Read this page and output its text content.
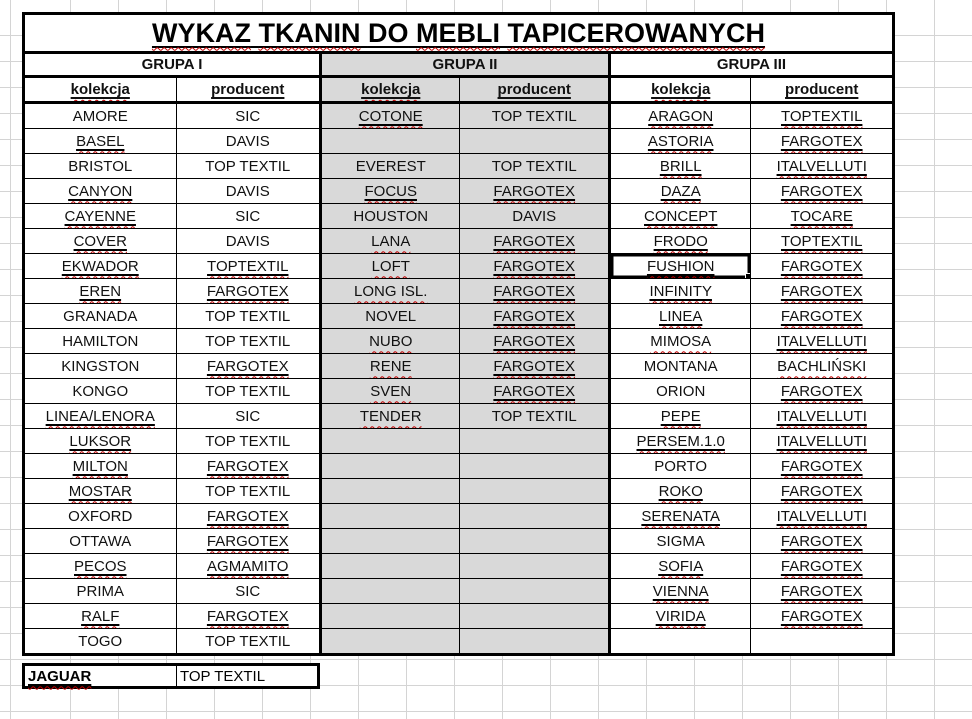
WYKAZ TKANIN DO MEBLI TAPICEROWANYCH					
GRUPA I		GRUPA II		GRUPA III	
kolekcja	producent	kolekcja	producent	kolekcja	producent
AMORE	SIC	COTONE	TOP TEXTIL	ARAGON	TOPTEXTIL
BASEL	DAVIS			ASTORIA	FARGOTEX
BRISTOL	TOP TEXTIL	EVEREST	TOP TEXTIL	BRILL	ITALVELLUTI
CANYON	DAVIS	FOCUS	FARGOTEX	DAZA	FARGOTEX
CAYENNE	SIC	HOUSTON	DAVIS	CONCEPT	TOCARE
COVER	DAVIS	LANA	FARGOTEX	FRODO	TOPTEXTIL
EKWADOR	TOPTEXTIL	LOFT	FARGOTEX	FUSHION	FARGOTEX
EREN	FARGOTEX	LONG ISL.	FARGOTEX	INFINITY	FARGOTEX
GRANADA	TOP TEXTIL	NOVEL	FARGOTEX	LINEA	FARGOTEX
HAMILTON	TOP TEXTIL	NUBO	FARGOTEX	MIMOSA	ITALVELLUTI
KINGSTON	FARGOTEX	RENE	FARGOTEX	MONTANA	BACHLIŃSKI
KONGO	TOP TEXTIL	SVEN	FARGOTEX	ORION	FARGOTEX
LINEA/LENORA	SIC	TENDER	TOP TEXTIL	PEPE	ITALVELLUTI
LUKSOR	TOP TEXTIL			PERSEM.1.0	ITALVELLUTI
MILTON	FARGOTEX			PORTO	FARGOTEX
MOSTAR	TOP TEXTIL			ROKO	FARGOTEX
OXFORD	FARGOTEX			SERENATA	ITALVELLUTI
OTTAWA	FARGOTEX			SIGMA	FARGOTEX
PECOS	AGMAMITO			SOFIA	FARGOTEX
PRIMA	SIC			VIENNA	FARGOTEX
RALF	FARGOTEX			VIRIDA	FARGOTEX
TOGO	TOP TEXTIL				
JAGUAR	TOP TEXTIL
